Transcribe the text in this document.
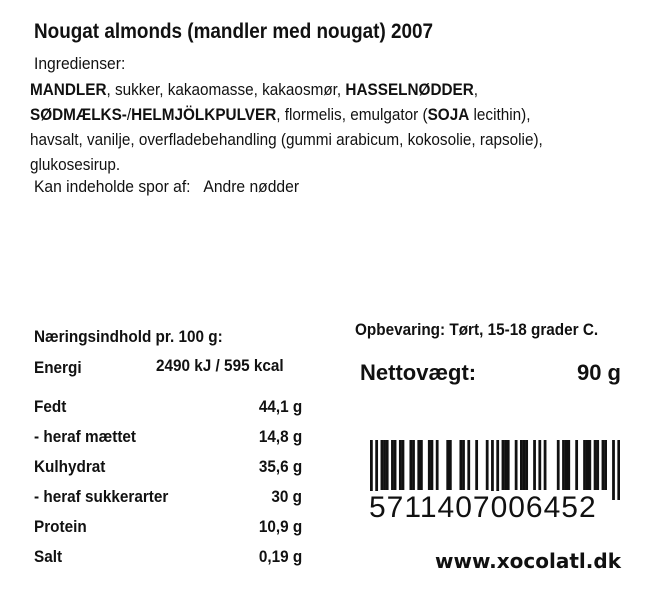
Nougat almonds (mandler med nougat) 2007
Ingredienser:
MANDLER, sukker, kakaomasse, kakaosmør, HASSELNØDDER,
SØDMÆLKS-/HELMJÖLKPULVER, flormelis, emulgator (SOJA lecithin),
havsalt, vanilje, overfladebehandling (gummi arabicum, kokosolie, rapsolie),
glukosesirup.
Kan indeholde spor af: Andre nødder
Næringsindhold pr. 100 g:
Energi	2490 kJ / 595 kcal
Fedt	44,1 g
- heraf mættet	14,8 g
Kulhydrat	35,6 g
- heraf sukkerarter	30 g
Protein	10,9 g
Salt	0,19 g
Opbevaring: Tørt, 15-18 grader C.
Nettovægt:	90 g
5711407006452
www.xocolatl.dk
